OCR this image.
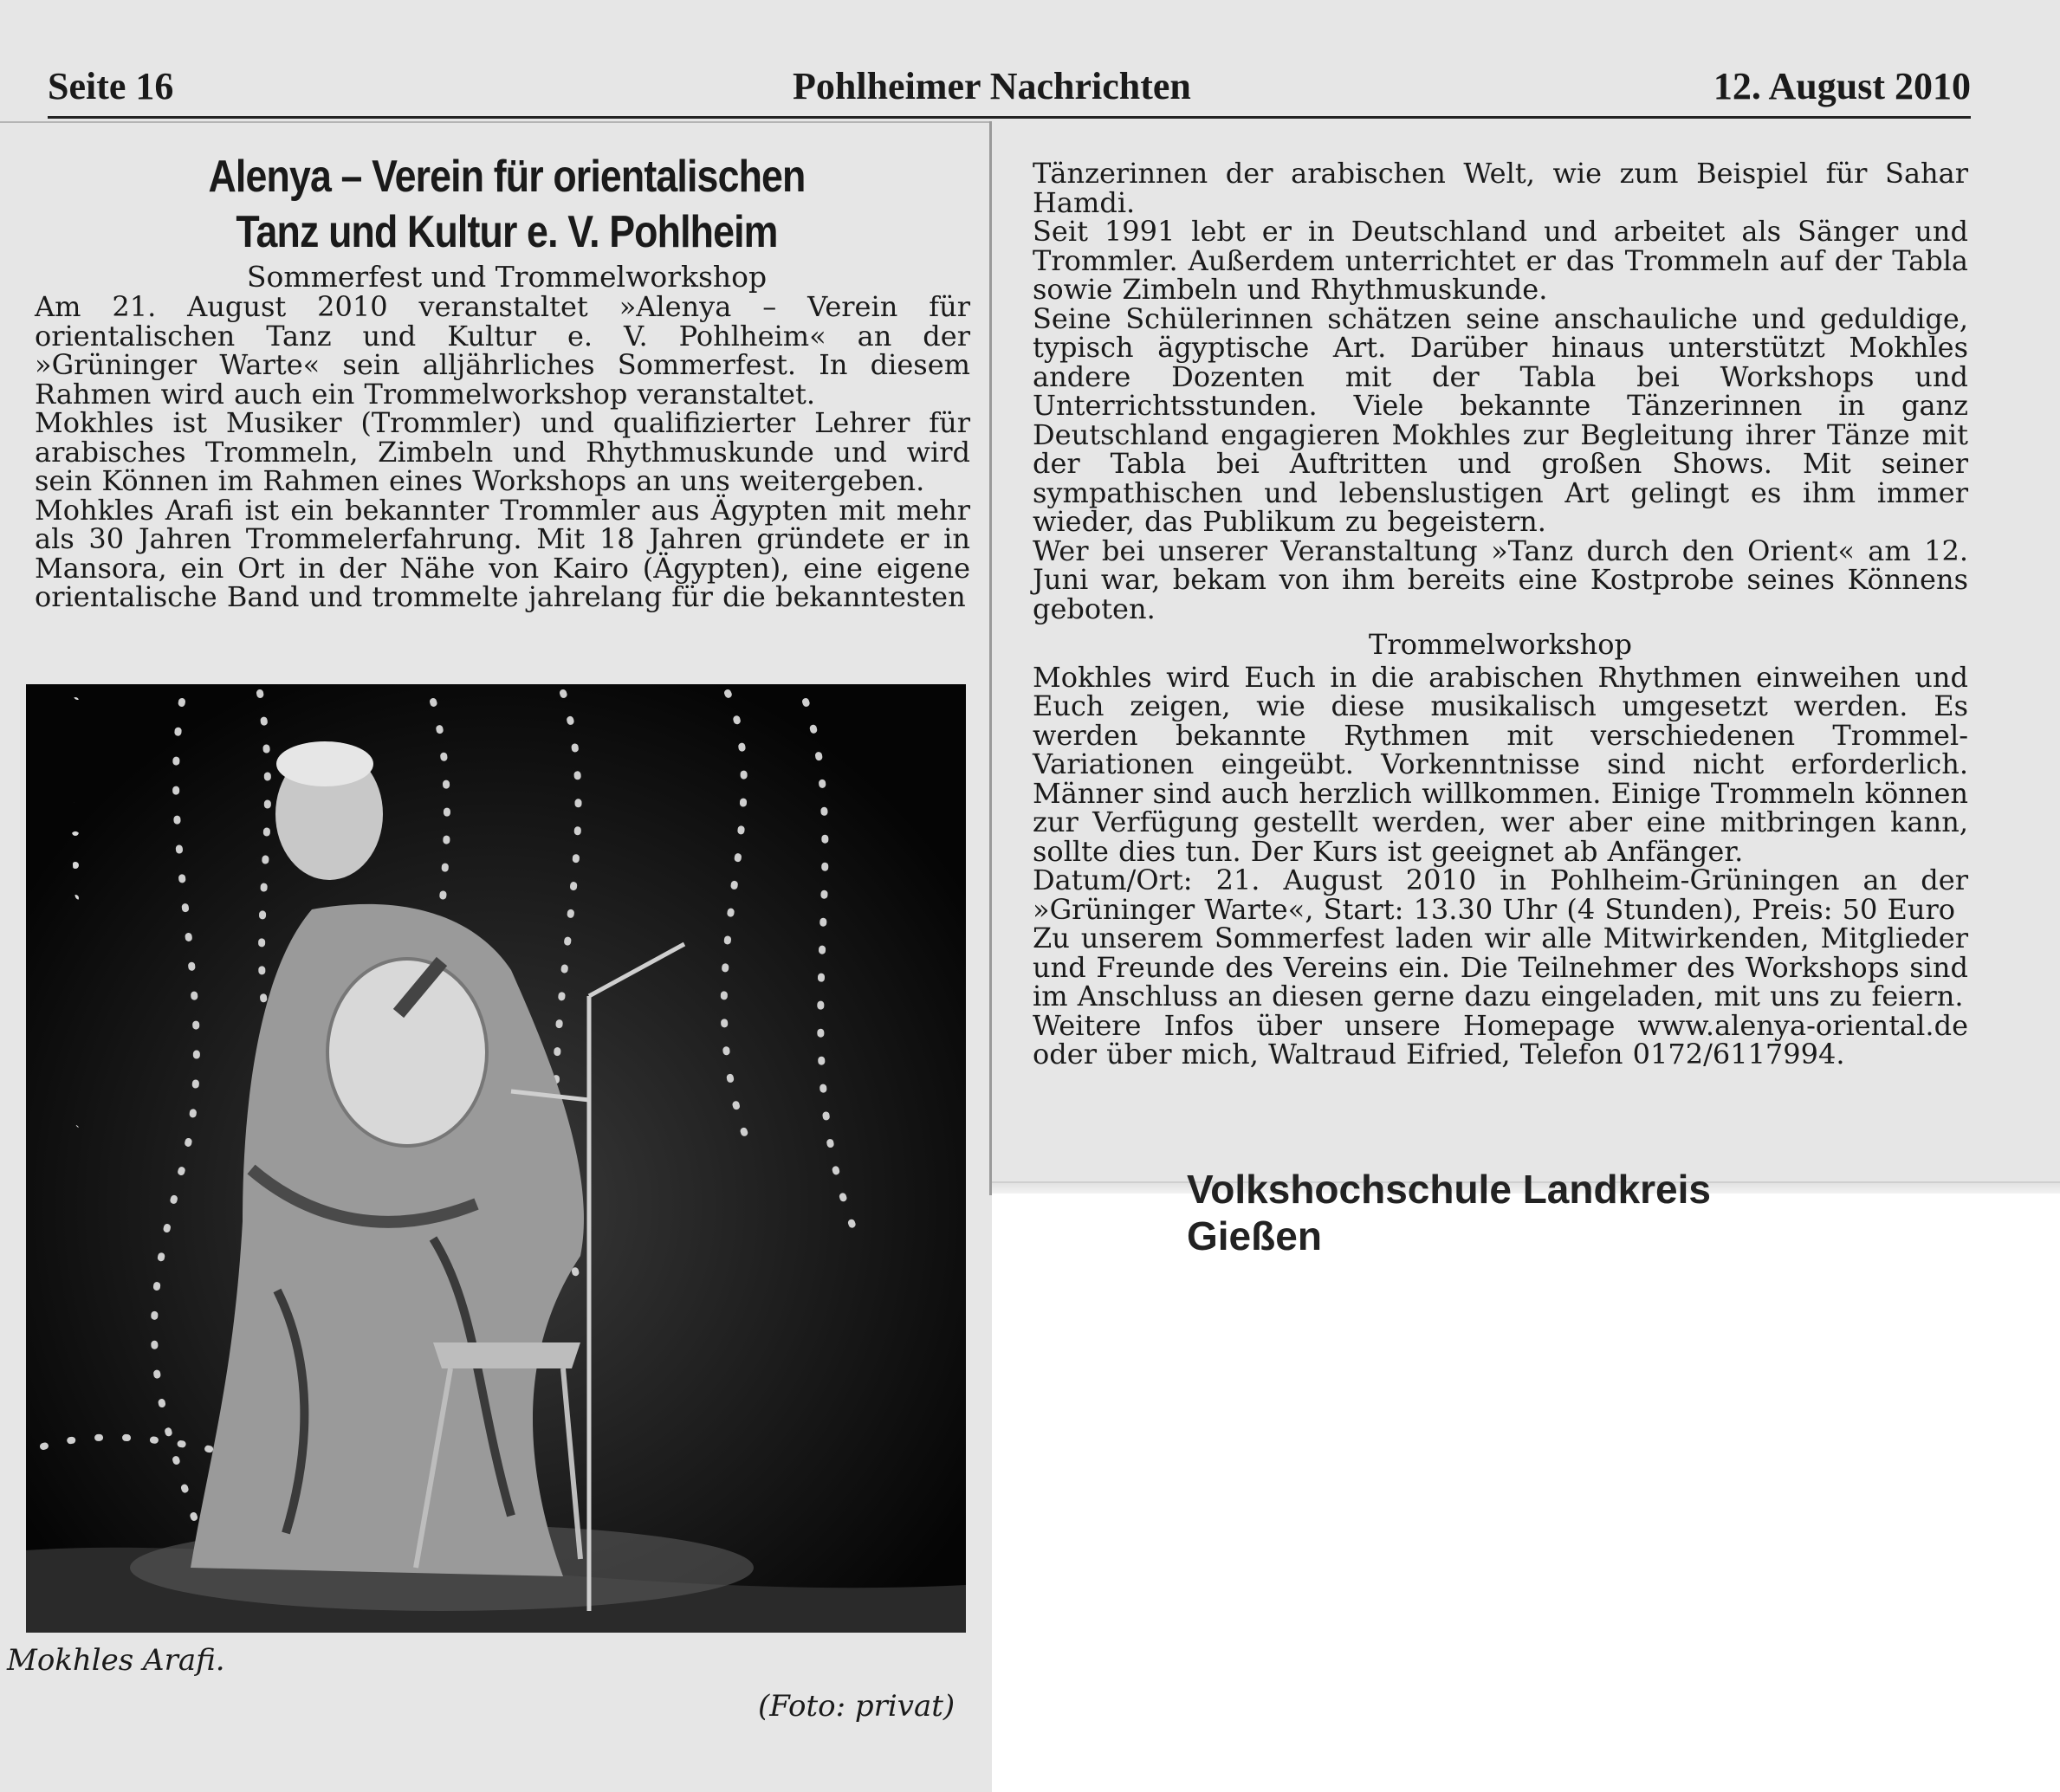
Seite 16	Pohlheimer Nachrichten	12. August 2010
Alenya – Verein für orientalischen
Tanz und Kultur e. V. Pohlheim
Sommerfest und Trommelworkshop

Am 21. August 2010 veranstaltet »Alenya – Verein für orientalischen Tanz und Kultur e. V. Pohlheim« an der »Grüninger Warte« sein alljährliches Sommerfest. In diesem Rahmen wird auch ein Trommelworkshop veranstaltet.

Mokhles ist Musiker (Trommler) und qualifizierter Lehrer für arabisches Trommeln, Zimbeln und Rhythmuskunde und wird sein Können im Rahmen eines Workshops an uns weitergeben.

Mohkles Arafi ist ein bekannter Trommler aus Ägypten mit mehr als 30 Jahren Trommelerfahrung. Mit 18 Jahren gründete er in Mansora, ein Ort in der Nähe von Kairo (Ägypten), eine eigene orientalische Band und trommelte jahrelang für die bekanntesten

Mokhles Arafi.
(Foto: privat)

Tänzerinnen der arabischen Welt, wie zum Beispiel für Sahar Hamdi.

Seit 1991 lebt er in Deutschland und arbeitet als Sänger und Trommler. Außerdem unterrichtet er das Trommeln auf der Tabla sowie Zimbeln und Rhythmuskunde.

Seine Schülerinnen schätzen seine anschauliche und geduldige, typisch ägyptische Art. Darüber hinaus unterstützt Mokhles andere Dozenten mit der Tabla bei Workshops und Unterrichtsstunden. Viele bekannte Tänzerinnen in ganz Deutschland engagieren Mokhles zur Begleitung ihrer Tänze mit der Tabla bei Auftritten und großen Shows. Mit seiner sympathischen und lebenslustigen Art gelingt es ihm immer wieder, das Publikum zu begeistern.

Wer bei unserer Veranstaltung »Tanz durch den Orient« am 12. Juni war, bekam von ihm bereits eine Kostprobe seines Könnens geboten.

Trommelworkshop

Mokhles wird Euch in die arabischen Rhythmen einweihen und Euch zeigen, wie diese musikalisch umgesetzt werden. Es werden bekannte Rythmen mit verschiedenen Trommel-Variationen eingeübt. Vorkenntnisse sind nicht erforderlich. Männer sind auch herzlich willkommen. Einige Trommeln können zur Verfügung gestellt werden, wer aber eine mitbringen kann, sollte dies tun. Der Kurs ist geeignet ab Anfänger.

Datum/Ort: 21. August 2010 in Pohlheim-Grüningen an der »Grüninger Warte«, Start: 13.30 Uhr (4 Stunden), Preis: 50 Euro

Zu unserem Sommerfest laden wir alle Mitwirkenden, Mitglieder und Freunde des Vereins ein. Die Teilnehmer des Workshops sind im Anschluss an diesen gerne dazu eingeladen, mit uns zu feiern.

Weitere Infos über unsere Homepage www.alenya-oriental.de oder über mich, Waltraud Eifried, Telefon 0172/6117994.

Volkshochschule Landkreis Gießen
